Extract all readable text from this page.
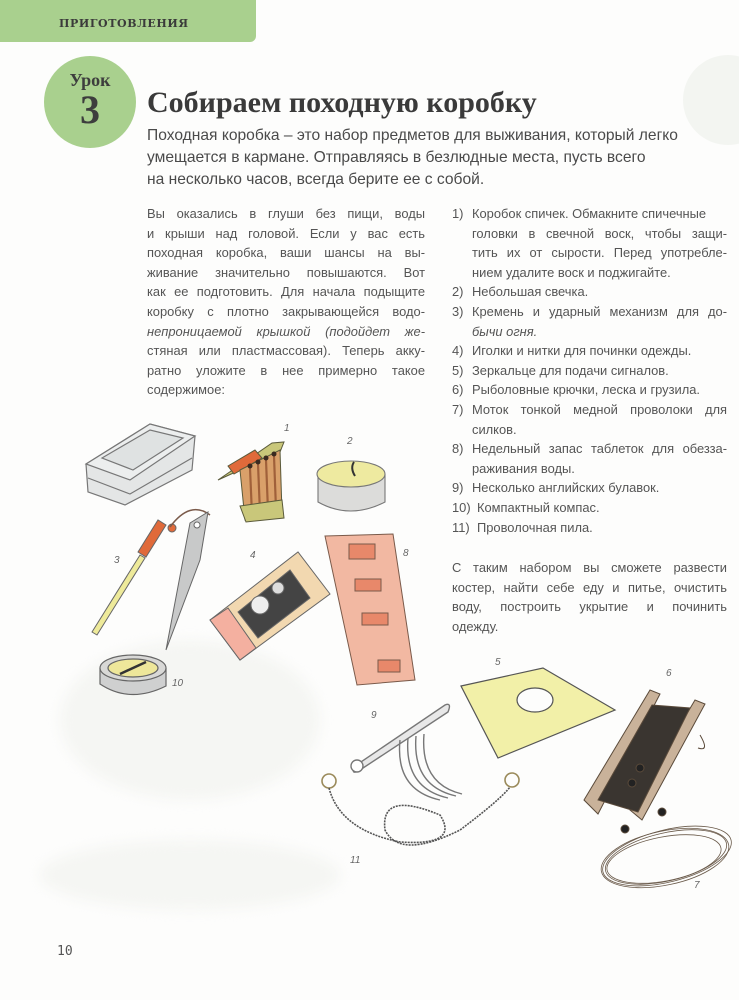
ПРИГОТОВЛЕНИЯ
Урок
3	Собираем походную коробку

Походная коробка – это набор предметов для выживания, который легко
умещается в кармане. Отправляясь в безлюдные места, пусть всего
на несколько часов, всегда берите ее с собой.

Вы оказались в глуши без пищи, воды
и крыши над головой. Если у вас есть
походная коробка, ваши шансы на вы-
живание значительно повышаются. Вот
как ее подготовить. Для начала подыщите
коробку с плотно закрывающейся водо-
непроницаемой крышкой (подойдет же-
стяная или пластмассовая). Теперь акку-
ратно уложите в нее примерно такое
содержимое:

1) Коробок спичек. Обмакните спичечные
головки в свечной воск, чтобы защи-
тить их от сырости. Перед употребле-
нием удалите воск и поджигайте.
2) Небольшая свечка.
3) Кремень и ударный механизм для до-
бычи огня.
4) Иголки и нитки для починки одежды.
5) Зеркальце для подачи сигналов.
6) Рыболовные крючки, леска и грузила.
7) Моток тонкой медной проволоки для
силков.
8) Недельный запас таблеток для обезза-
раживания воды.
9) Несколько английских булавок.
10) Компактный компас.
11) Проволочная пила.

С таким набором вы сможете развести
костер, найти себе еду и питье, очистить
воду, построить укрытие и починить
одежду.

1
2
3	4
5
6
7
8
9
10
11
10
